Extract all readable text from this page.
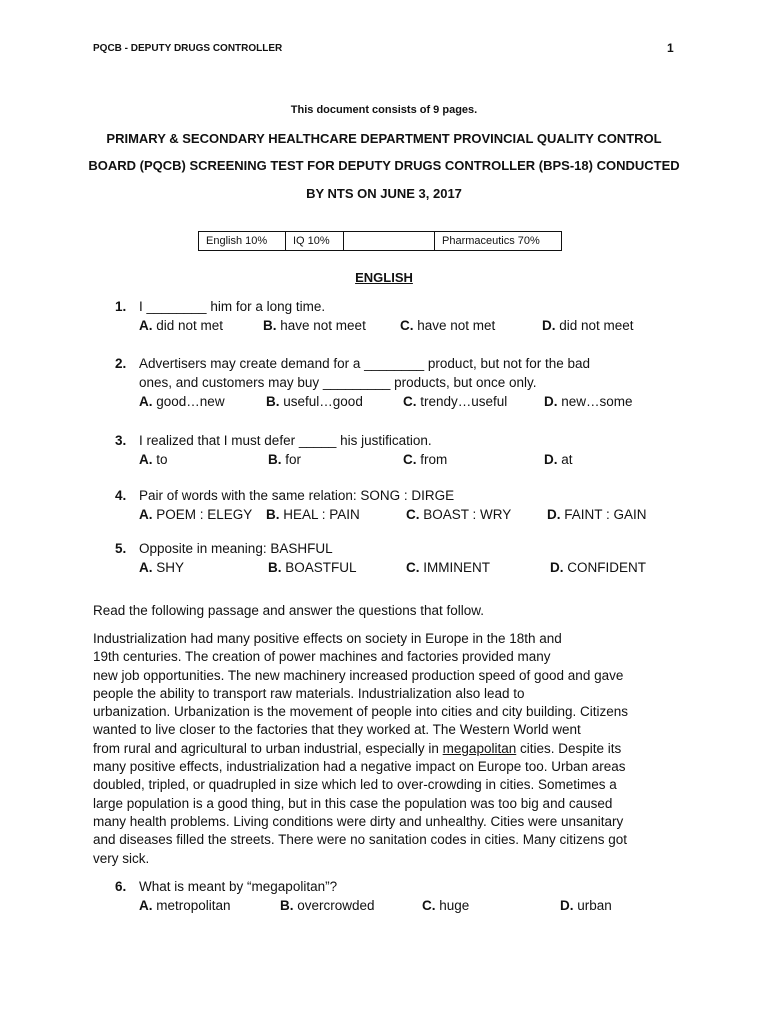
PQCB - DEPUTY DRUGS CONTROLLER	1
This document consists of 9 pages.
PRIMARY & SECONDARY HEALTHCARE DEPARTMENT PROVINCIAL QUALITY CONTROL
BOARD (PQCB) SCREENING TEST FOR DEPUTY DRUGS CONTROLLER (BPS-18) CONDUCTED
BY NTS ON JUNE 3, 2017
English 10%	IQ 10%		Pharmaceutics 70%
ENGLISH
1. I ________ him for a long time.
A. did not met	B. have not meet	C. have not met	D. did not meet
2. Advertisers may create demand for a ________ product, but not for the bad
ones, and customers may buy _________ products, but once only.
A. good…new	B. useful…good	C. trendy…useful	D. new…some
3. I realized that I must defer _____ his justification.
A. to	B. for	C. from	D. at
4. Pair of words with the same relation: SONG : DIRGE
A. POEM : ELEGY B. HEAL : PAIN	C. BOAST : WRY	D. FAINT : GAIN
5. Opposite in meaning: BASHFUL
A. SHY	B. BOASTFUL	C. IMMINENT	D. CONFIDENT
Read the following passage and answer the questions that follow.
Industrialization had many positive effects on society in Europe in the 18th and
19th centuries. The creation of power machines and factories provided many
new job opportunities. The new machinery increased production speed of good and gave
people the ability to transport raw materials. Industrialization also lead to
urbanization. Urbanization is the movement of people into cities and city building. Citizens
wanted to live closer to the factories that they worked at. The Western World went
from rural and agricultural to urban industrial, especially in megapolitan cities. Despite its
many positive effects, industrialization had a negative impact on Europe too. Urban areas
doubled, tripled, or quadrupled in size which led to over-crowding in cities. Sometimes a
large population is a good thing, but in this case the population was too big and caused
many health problems. Living conditions were dirty and unhealthy. Cities were unsanitary
and diseases filled the streets. There were no sanitation codes in cities. Many citizens got
very sick.
6. What is meant by “megapolitan”?
A. metropolitan	B. overcrowded	C. huge	D. urban
